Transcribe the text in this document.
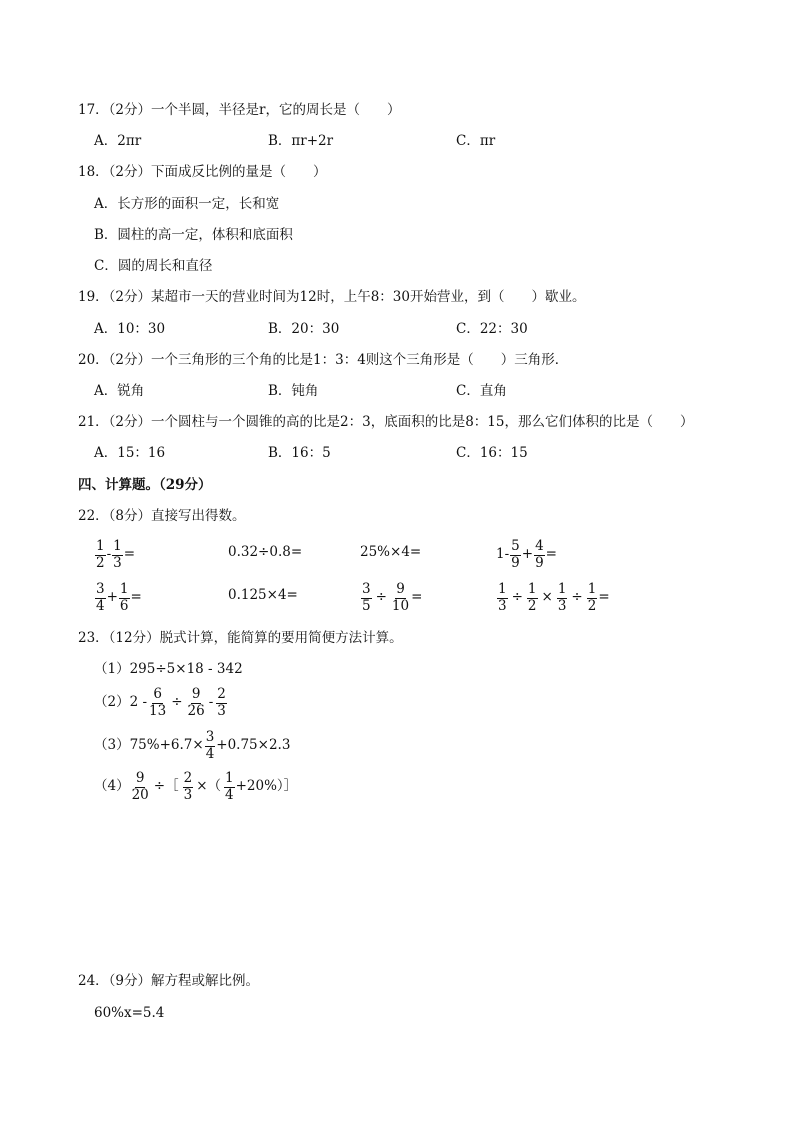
17．（2分）一个半圆，半径是r，它的周长是（　　）
A．2πr	B．πr+2r	C．πr
18．（2分）下面成反比例的量是（　　）
A．长方形的面积一定，长和宽
B．圆柱的高一定，体积和底面积
C．圆的周长和直径
19．（2分）某超市一天的营业时间为12时，上午8：30开始营业，到（　　）歇业。
A．10：30	B．20：30	C．22：30
20．（2分）一个三角形的三个角的比是1：3：4则这个三角形是（　　）三角形．
A．锐角	B．钝角	C．直角
21．（2分）一个圆柱与一个圆锥的高的比是2：3，底面积的比是8：15，那么它们体积的比是（　　）
A．15：16	B．16：5	C．16：15
四、计算题。（29分）
22．（8分）直接写出得数。
$\frac{1}{2} - \frac{1}{3}$ =	0.32÷0.8=	25%×4=	$1- \frac{5}{9} + \frac{4}{9}$ =
$\frac{3}{4} + \frac{1}{6}$ =	0.125×4=	$\frac{3}{5} \div \frac{9}{10}$ =	$\frac{1}{3} \div \frac{1}{2} \times \frac{1}{3} \div \frac{1}{2}$ =
23．（12分）脱式计算，能简算的要用简便方法计算。
（1）295÷5×18 - 342
$(2)2 - \frac{6}{13} \div \frac{9}{26} - \frac{2}{3}$
$(3)75\%+6.7\times \frac{3}{4} +0.75\times 2.3$
$(4) \frac{9}{20}$ ÷［ $\frac{2}{3}$ ×（ $\frac{1}{4}$ +20%）］
24．（9分）解方程或解比例。
60%x=5.4
